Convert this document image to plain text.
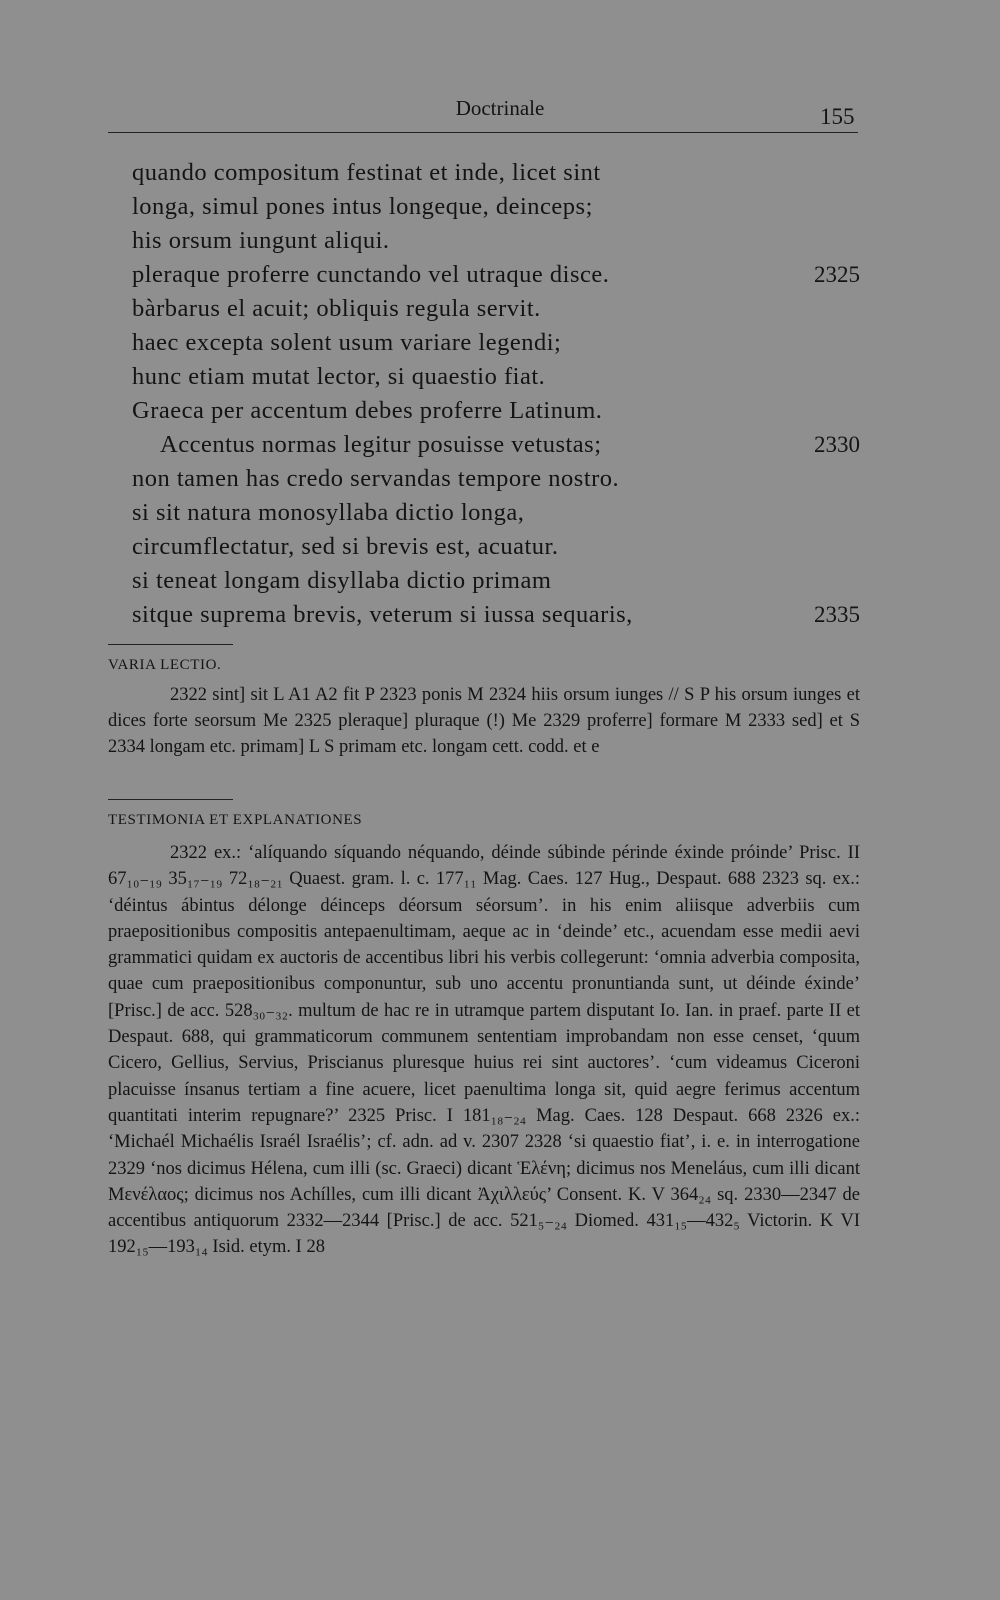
Doctrinale	155
quando compositum festinat et inde, licet sint
longa, simul pones intus longeque, deinceps;
his orsum iungunt aliqui.
pleraque proferre cunctando vel utraque disce.	2325
bàrbarus el acuit; obliquis regula servit.
haec excepta solent usum variare legendi;
hunc etiam mutat lector, si quaestio fiat.
Graeca per accentum debes proferre Latinum.
Accentus normas legitur posuisse vetustas;	2330
non tamen has credo servandas tempore nostro.
si sit natura monosyllaba dictio longa,
circumflectatur, sed si brevis est, acuatur.
si teneat longam disyllaba dictio primam
sitque suprema brevis, veterum si iussa sequaris,	2335
VARIA LECTIO.
2322 sint] sit L A1 A2 fit P 2323 ponis M 2324 hiis orsum iunges // S P his orsum iunges et dices forte seorsum Me 2325 pleraque] pluraque (!) Me 2329 proferre] formare M 2333 sed] et S 2334 longam etc. primam] L S primam etc. longam cett. codd. et e
TESTIMONIA ET EXPLANATIONES
2322 ex.: ‘alíquando síquando néquando, déinde súbinde périnde éxinde próinde’ Prisc. II 67₁₀₋₁₉ 35₁₇₋₁₉ 72₁₈₋₂₁ Quaest. gram. l. c. 177₁₁ Mag. Caes. 127 Hug., Despaut. 688 2323 sq. ex.: ‘déintus ábintus délonge déinceps déorsum séorsum’. in his enim aliisque adverbiis cum praepositionibus compositis antepaenultimam, aeque ac in ‘deinde’ etc., acuendam esse medii aevi grammatici quidam ex auctoris de accentibus libri his verbis collegerunt: ‘omnia adverbia composita, quae cum praepositionibus componuntur, sub uno accentu pronuntianda sunt, ut déinde éxinde’ [Prisc.] de acc. 528₃₀₋₃₂. multum de hac re in utramque partem disputant Io. Ian. in praef. parte II et Despaut. 688, qui grammaticorum communem sententiam improbandam non esse censet, ‘quum Cicero, Gellius, Servius, Priscianus pluresque huius rei sint auctores’. ‘cum videamus Ciceroni placuisse ínsanus tertiam a fine acuere, licet paenultima longa sit, quid aegre ferimus accentum quantitati interim repugnare?’ 2325 Prisc. I 181₁₈₋₂₄ Mag. Caes. 128 Despaut. 668 2326 ex.: ‘Michaél Michaélis Israél Israélis’; cf. adn. ad v. 2307 2328 ‘si quaestio fiat’, i. e. in interrogatione 2329 ‘nos dicimus Hélena, cum illi (sc. Graeci) dicant Ἑλένη; dicimus nos Meneláus, cum illi dicant Μενέλαος; dicimus nos Achílles, cum illi dicant Ἀχιλλεύς’ Consent. K. V 364₂₄ sq. 2330—2347 de accentibus antiquorum 2332—2344 [Prisc.] de acc. 521₅₋₂₄ Diomed. 431₁₅—432₅ Victorin. K VI 192₁₅—193₁₄ Isid. etym. I 28
